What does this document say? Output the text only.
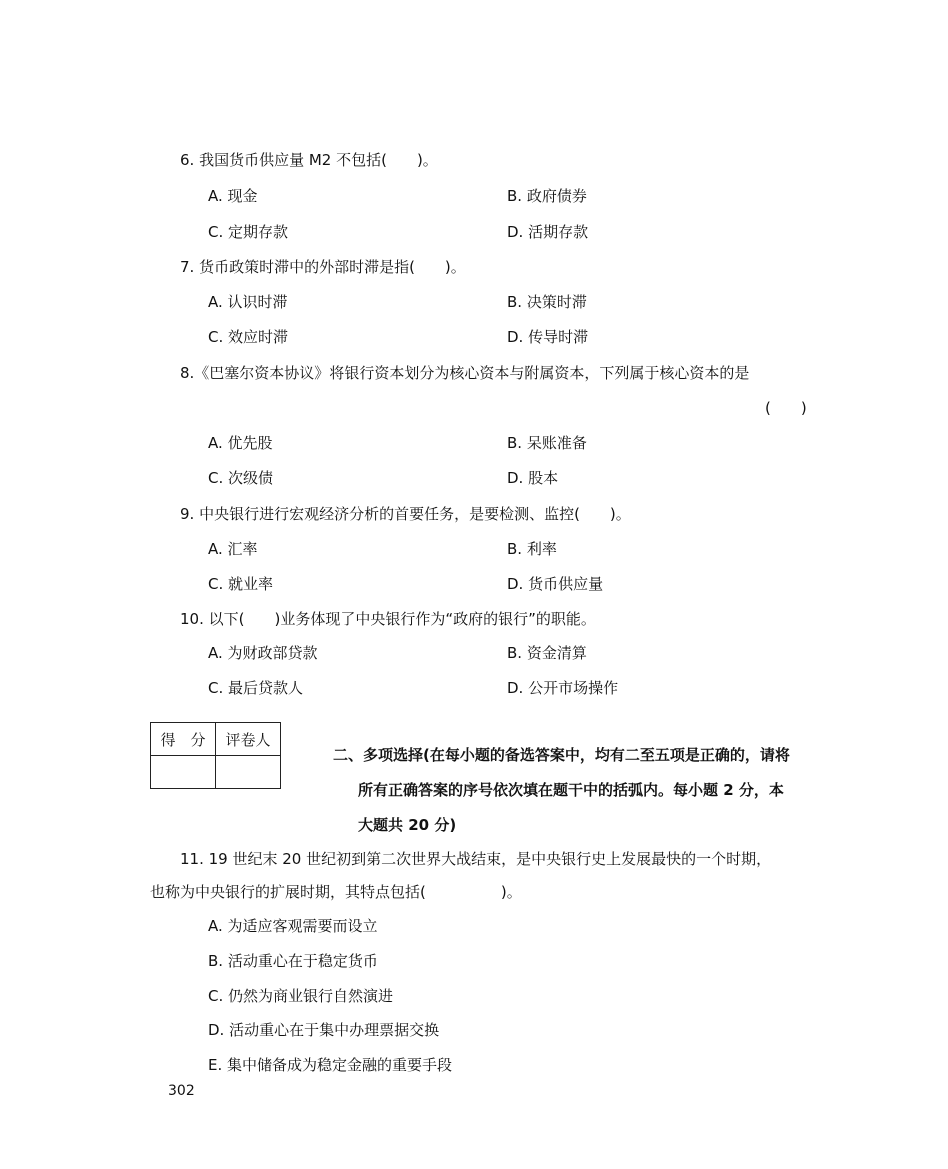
6. 我国货币供应量 M2 不包括(　　)。
A. 现金	B. 政府债券
C. 定期存款	D. 活期存款
7. 货币政策时滞中的外部时滞是指(　　)。
A. 认识时滞	B. 决策时滞
C. 效应时滞	D. 传导时滞
8.《巴塞尔资本协议》将银行资本划分为核心资本与附属资本，下列属于核心资本的是
(　　)
A. 优先股	B. 呆账准备
C. 次级债	D. 股本
9. 中央银行进行宏观经济分析的首要任务，是要检测、监控(　　)。
A. 汇率	B. 利率
C. 就业率	D. 货币供应量
10. 以下(　　)业务体现了中央银行作为“政府的银行”的职能。
A. 为财政部贷款	B. 资金清算
C. 最后贷款人	D. 公开市场操作
得　分	评卷人

二、多项选择(在每小题的备选答案中，均有二至五项是正确的，请将
所有正确答案的序号依次填在题干中的括弧内。每小题 2 分，本
大题共 20 分)
11. 19 世纪末 20 世纪初到第二次世界大战结束，是中央银行史上发展最快的一个时期，
也称为中央银行的扩展时期，其特点包括(　　　　　)。
A. 为适应客观需要而设立
B. 活动重心在于稳定货币
C. 仍然为商业银行自然演进
D. 活动重心在于集中办理票据交换
E. 集中储备成为稳定金融的重要手段
302
